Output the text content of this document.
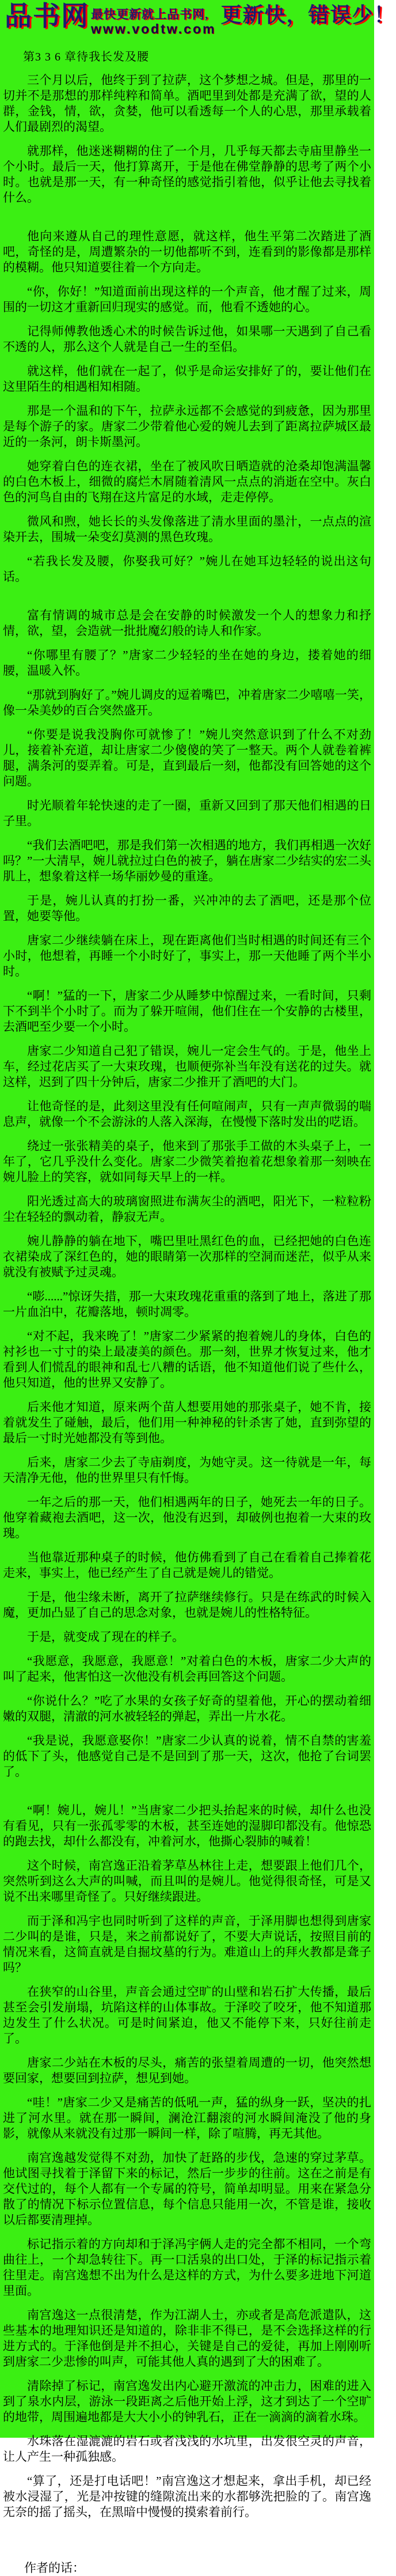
品书网 最快更新就上品书网,
www.vodtw.com
更新快，错误少！
第3 3 6 章待我长发及腰

三个月以后，他终于到了拉萨，这个梦想之城。但是，那里的一切并不是那想的那样纯粹和简单。酒吧里到处都是充满了欲，望的人群，金钱，情，欲，贪婪，他可以看透每一个人的心思，那里承载着人们最剧烈的渴望。

就那样，他迷迷糊糊的住了一个月，几乎每天都去寺庙里静坐一个小时。最后一天，他打算离开，于是他在佛堂静静的思考了两个小时。也就是那一天，有一种奇怪的感觉指引着他，似乎让他去寻找着什么。

他向来遵从自己的理性意愿，就这样，他生平第二次踏进了酒吧，奇怪的是，周遭繁杂的一切他都听不到，连看到的影像都是那样的模糊。他只知道要往着一个方向走。

“你，你好！”知道面前出现这样的一个声音，他才醒了过来，周围的一切这才重新回归现实的感觉。而，他看不透她的心。

记得师傅教他透心术的时候告诉过他，如果哪一天遇到了自己看不透的人，那么这个人就是自己一生的至侣。

就这样，他们就在一起了，似乎是命运安排好了的，要让他们在这里陌生的相遇相知相随。

那是一个温和的下午，拉萨永远都不会感觉的到疲惫，因为那里是每个游子的家。唐家二少带着他心爱的婉儿去到了距离拉萨城区最近的一条河，朗卡斯墨河。

她穿着白色的连衣裙，坐在了被风吹日晒造就的沧桑却饱满温馨的白色木板上，细微的腐烂木屑随着清风一点点的消逝在空中。灰白色的河鸟自由的飞翔在这片富足的水域，走走停停。

微风和煦，她长长的头发像落进了清水里面的墨汁，一点点的渲染开去，围城一朵变幻莫测的黑色玫瑰。

“若我长发及腰，你娶我可好？”婉儿在她耳边轻轻的说出这句话。

富有情调的城市总是会在安静的时候激发一个人的想象力和抒情，欲，望，会造就一批批魔幻般的诗人和作家。

“你哪里有腰了？”唐家二少轻轻的坐在她的身边，搂着她的细腰，温暖入怀。

“那就到胸好了。”婉儿调皮的逗着嘴巴，冲着唐家二少嘻嘻一笑，像一朵美妙的百合突然盛开。

“你要是说我没胸你可就惨了！”婉儿突然意识到了什么不对劲儿，接着补充道，却让唐家二少傻傻的笑了一整天。两个人就卷着裤腿，满条河的耍弄着。可是，直到最后一刻，他都没有回答她的这个问题。

时光顺着年轮快速的走了一圈，重新又回到了那天他们相遇的日子里。

“我们去酒吧吧，那是我们第一次相遇的地方，我们再相遇一次好吗？”一大清早，婉儿就拉过白色的被子，躺在唐家二少结实的宏二头肌上，想象着这样一场华丽妙曼的重逢。

于是，婉儿认真的打扮一番，兴冲冲的去了酒吧，还是那个位置，她要等他。

唐家二少继续躺在床上，现在距离他们当时相遇的时间还有三个小时，他想着，再睡一个小时好了，事实上，那一天他睡了两个半小时。

“啊！”猛的一下，唐家二少从睡梦中惊醒过来，一看时间，只剩下不到半个小时了。而为了躲开喧闹，他们住在一个安静的古楼里，去酒吧至少要一个小时。

唐家二少知道自己犯了错误，婉儿一定会生气的。于是，他坐上车，经过花店买了一大束玫瑰，也顺便弥补当年没有送花的过失。就这样，迟到了四十分钟后，唐家二少推开了酒吧的大门。

让他奇怪的是，此刻这里没有任何喧闹声，只有一声声微弱的喘息声，就像一个不会游泳的人落入深海，在慢慢下落时发出的呓语。

绕过一张张精美的桌子，他来到了那张手工做的木头桌子上，一年了，它几乎没什么变化。唐家二少微笑着抱着花想象着那一刻映在婉儿脸上的笑容，就如同每天早上的一样。

阳光透过高大的玻璃窗照进布满灰尘的酒吧，阳光下，一粒粒粉尘在轻轻的飘动着，静寂无声。

婉儿静静的躺在地下，嘴巴里吐黑红色的血，已经把她的白色连衣裙染成了深红色的，她的眼睛第一次那样的空洞而迷茫，似乎从来就没有被赋予过灵魂。

“嘭......”惊讶失措，那一大束玫瑰花重重的落到了地上，落进了那一片血泊中，花瓣落地，顿时凋零。

“对不起，我来晚了！”唐家二少紧紧的抱着婉儿的身体，白色的衬衫也一寸寸的染上最凄美的颜色。那一刻，世界才恢复过来，他才看到人们慌乱的眼神和乱七八糟的话语，他不知道他们说了些什么，他只知道，他的世界又安静了。

后来他才知道，原来两个苗人想要用她的那张桌子，她不肯，接着就发生了碰触，最后，他们用一种神秘的针杀害了她，直到弥望的最后一寸时光她都没有等到他。

后来，唐家二少去了寺庙剃度，为她守灵。这一待就是一年，每天清净无他，他的世界里只有忏悔。

一年之后的那一天，他们相遇两年的日子，她死去一年的日子。他穿着藏袍去酒吧，这一次，他没有迟到，却破例也抱着一大束的玫瑰。

当他靠近那种桌子的时候，他仿佛看到了自己在看着自己捧着花走来，事实上，他已经产生了自己就是婉儿的错觉。

于是，他尘缘未断，离开了拉萨继续修行。只是在练武的时候入魔，更加凸显了自己的思念对象，也就是婉儿的性格特征。

于是，就变成了现在的样子。

“我愿意，我愿意，我愿意！”对着白色的木板，唐家二少大声的叫了起来，他害怕这一次他没有机会再回答这个问题。

“你说什么？”吃了水果的女孩子好奇的望着他，开心的摆动着细嫩的双腿，清澈的河水被轻轻的弹起，弄出一片水花。

“我是说，我愿意娶你！”唐家二少认真的说着，情不自禁的害羞的低下了头，他感觉自己是不是回到了那一天，这次，他抢了台词罢了。

“啊！婉儿，婉儿！”当唐家二少把头抬起来的时候，却什么也没有看见，只有一张孤零零的木板，甚至连她的湿脚印都没有。他惊恐的跑去找，却什么都没有，冲着河水，他撕心裂肺的喊着！

这个时候，南宫逸正沿着茅草丛林往上走，想要跟上他们几个，突然听到这么大声的叫喊，而且叫的是婉儿。他觉得很奇怪，可是又说不出来哪里奇怪了。只好继续跟进。

而于泽和冯宇也同时听到了这样的声音，于泽用脚也想得到唐家二少叫的是谁，只是，来之前都说好了，不要大声说话，按照目前的情况来看，这简直就是自掘坟墓的行为。难道山上的拜火教都是聋子吗？

在狭窄的山谷里，声音会通过空旷的山壁和岩石扩大传播，最后甚至会引发崩塌，坑陷这样的山体事故。于泽咬了咬牙，他不知道那边发生了什么状况。可是时间紧迫，他又不能停下来，只好往前走了。

唐家二少站在木板的尽头，痛苦的张望着周遭的一切，他突然想要回家，想要回到拉萨，想见到她。

“哇！”唐家二少又是痛苦的低吼一声，猛的纵身一跃，坚决的扎进了河水里。就在那一瞬间，澜沧江翻滚的河水瞬间淹没了他的身影，就像从来就没有过那一瞬间一样，除了喧腾，再无其他。

南宫逸越发觉得不对劲，加快了赶路的步伐，急速的穿过茅草。他试图寻找着于泽留下来的标记，然后一步步的往前。这在之前是有交代过的，每个人都有一个专属的符号，简单却明显。用来在紧急分散了的情况下标示位置信息，每个信息只能用一次，不管是谁，接收以后都要清理掉。

标记指示着的方向却和于泽冯宇俩人走的完全都不相同，一个弯曲往上，一个却急转往下。再一口活泉的出口处，于泽的标记指示着往里走。南宫逸想不出为什么是这样的方式，为什么要多进地下河道里面。

南宫逸这一点很清楚，作为江湖人士，亦或者是高危派遣队，这些基本的地理知识还是知道的，除非非不得已，是不会选择这样的行进方式的。于泽他倒是并不担心，关键是自己的爱徒，再加上刚刚听到唐家二少悲惨的叫声，可能其他人真的遇到了大的困难了。

清除掉了标记，南宫逸发出内心避开激流的冲击力，困难的进入到了泉水内层，游泳一段距离之后他开始上浮，这才到达了一个空旷的地带，周围遍地都是大大小小的钟乳石，正在一滴滴的滴着水珠。

水珠落在湿漉漉的岩石或者浅浅的水坑里，出发很空灵的声音，让人产生一种孤独感。

“算了，还是打电话吧！”南宫逸这才想起来，拿出手机，却已经被水浸湿了，光是冲按键的缝隙流出来的水都够洗把脸的了。南宫逸无奈的摇了摇头，在黑暗中慢慢的摸索着前行。

作者的话：
